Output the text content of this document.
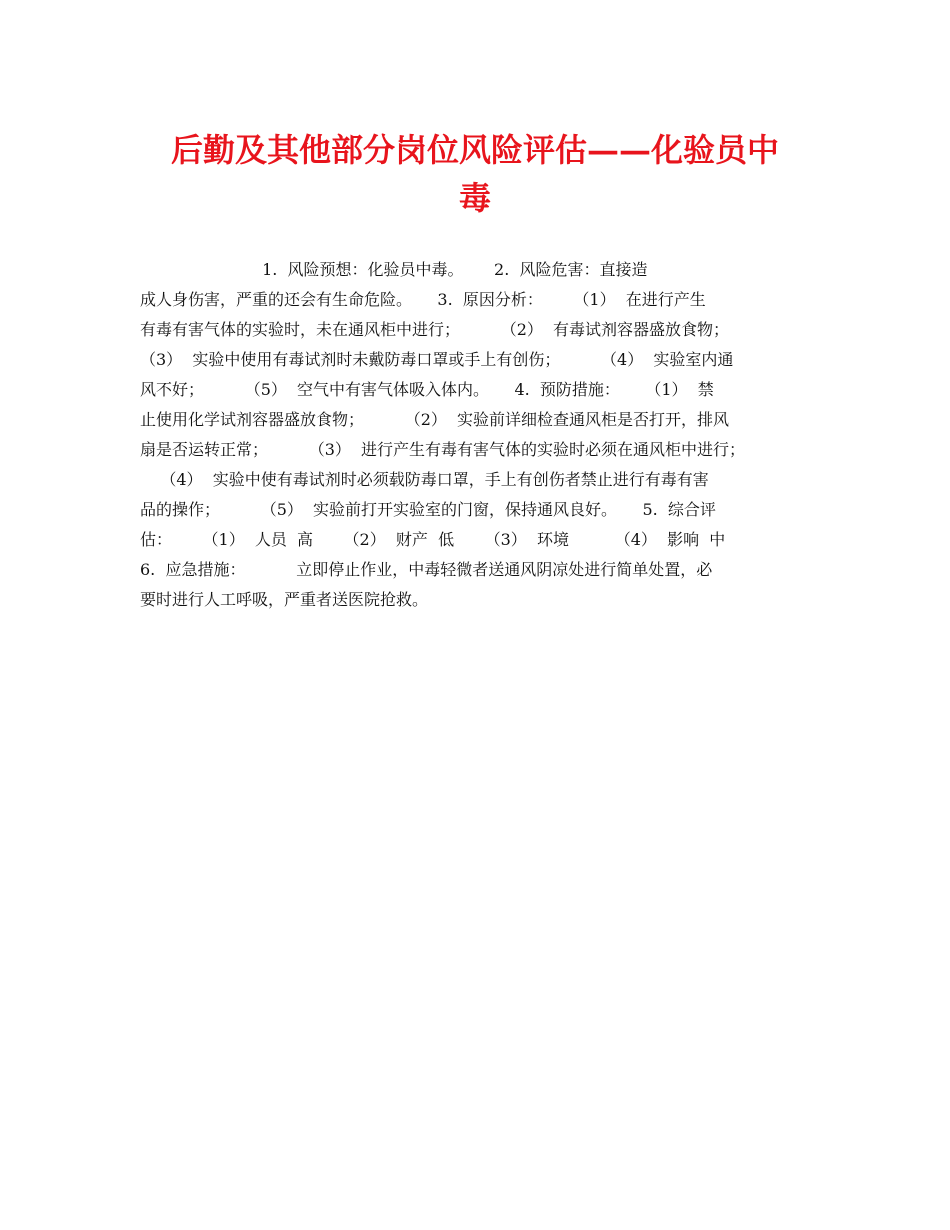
后勤及其他部分岗位风险评估——化验员中
毒
1.  风险预想：化验员中毒。      2.  风险危害：直接造
成人身伤害，严重的还会有生命危险。     3.  原因分析：      （1）  在进行产生
有毒有害气体的实验时，未在通风柜中进行；        （2）  有毒试剂容器盛放食物；
（3）  实验中使用有毒试剂时未戴防毒口罩或手上有创伤；        （4）  实验室内通
风不好；        （5）  空气中有害气体吸入体内。     4.  预防措施：     （1）  禁
止使用化学试剂容器盛放食物；        （2）  实验前详细检查通风柜是否打开，排风
扇是否运转正常；        （3）  进行产生有毒有害气体的实验时必须在通风柜中进行；
（4）  实验中使有毒试剂时必须载防毒口罩，手上有创伤者禁止进行有毒有害
品的操作；        （5）  实验前打开实验室的门窗，保持通风良好。     5.  综合评
估：      （1）  人员  高      （2）  财产  低      （3）  环境         （4）  影响  中
6.  应急措施：          立即停止作业，中毒轻微者送通风阴凉处进行简单处置，必
要时进行人工呼吸，严重者送医院抢救。
